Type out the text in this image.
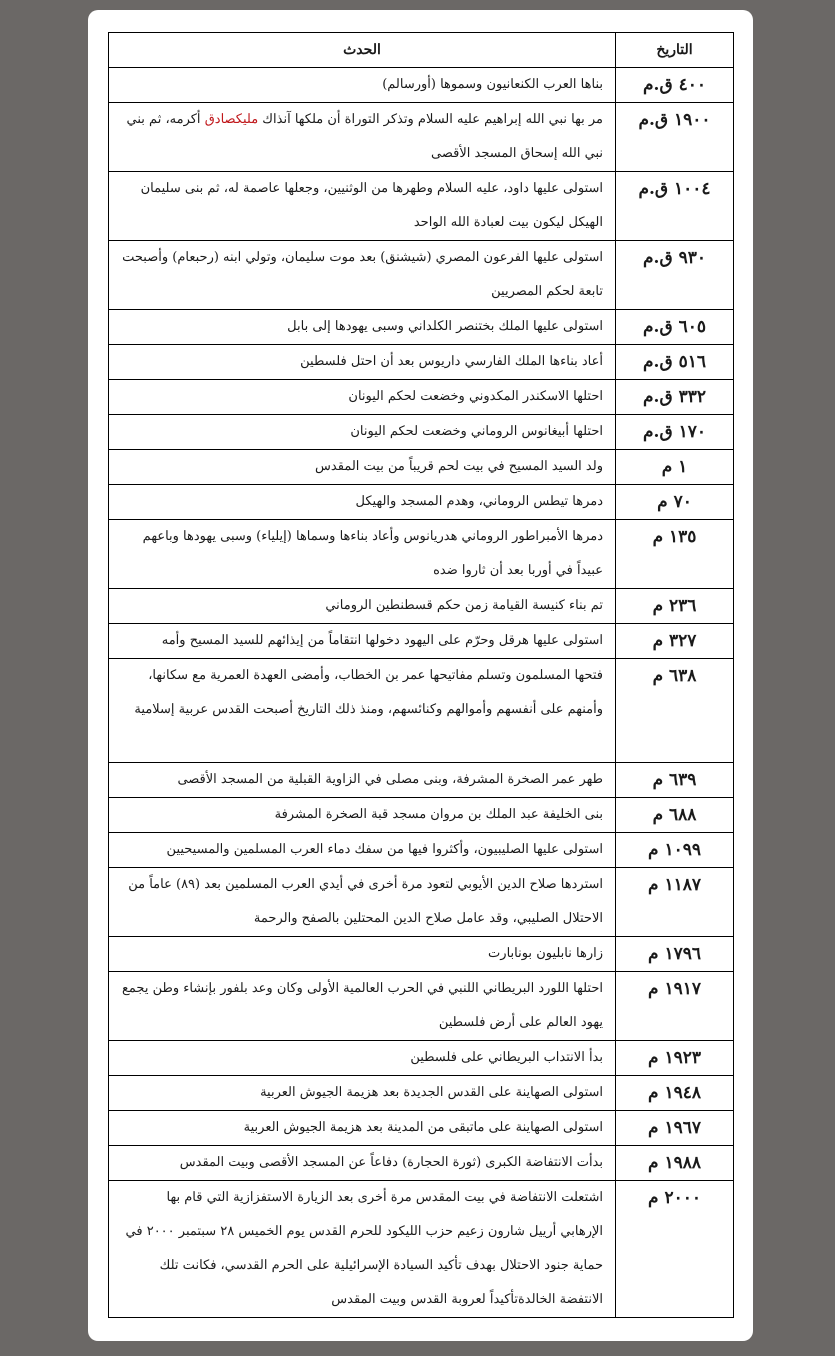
التاريخ	الحدث
٤٠٠ ق.م	بناها العرب الكنعانيون وسموها (أورسالم)
١٩٠٠ ق.م	مر بها نبي الله إبراهيم عليه السلام وتذكر التوراة أن ملكها آنذاك مليكصادق أكرمه، ثم بني نبي الله إسحاق المسجد الأقصى
١٠٠٤ ق.م	استولى عليها داود، عليه السلام وطهرها من الوثنيين، وجعلها عاصمة له، ثم بنى سليمان الهيكل ليكون بيت لعبادة الله الواحد
٩٣٠ ق.م	استولى عليها الفرعون المصري (شيشنق) بعد موت سليمان، وتولي ابنه (رحبعام) وأصبحت تابعة لحكم المصريين
٦٠٥ ق.م	استولى عليها الملك بختنصر الكلداني وسبى يهودها إلى بابل
٥١٦ ق.م	أعاد بناءها الملك الفارسي داريوس بعد أن احتل فلسطين
٣٣٢ ق.م	احتلها الاسكندر المكدوني وخضعت لحكم اليونان
١٧٠ ق.م	احتلها أبيغانوس الروماني وخضعت لحكم اليونان
١ م	ولد السيد المسيح في بيت لحم قريباً من بيت المقدس
٧٠ م	دمرها تيطس الروماني، وهدم المسجد والهيكل
١٣٥ م	دمرها الأمبراطور الروماني هدريانوس وأعاد بناءها وسماها (إيلياء) وسبى يهودها وباعهم عبيداً في أوربا بعد أن ثاروا ضده
٢٣٦ م	تم بناء كنيسة القيامة زمن حكم قسطنطين الروماني
٣٢٧ م	استولى عليها هرقل وحرّم على اليهود دخولها انتقاماً من إيذائهم للسيد المسيح وأمه
٦٣٨ م	فتحها المسلمون وتسلم مفاتيحها عمر بن الخطاب، وأمضى العهدة العمرية مع سكانها، وأمنهم على أنفسهم وأموالهم وكنائسهم، ومنذ ذلك التاريخ أصبحت القدس عربية إسلامية
٦٣٩ م	طهر عمر الصخرة المشرفة، وبنى مصلى في الزاوية القبلية من المسجد الأقصى
٦٨٨ م	بنى الخليفة عبد الملك بن مروان مسجد قبة الصخرة المشرفة
١٠٩٩ م	استولى عليها الصليبيون، وأكثروا فيها من سفك دماء العرب المسلمين والمسيحيين
١١٨٧ م	استردها صلاح الدين الأيوبي لتعود مرة أخرى في أيدي العرب المسلمين بعد (٨٩) عاماً من الاحتلال الصليبي، وقد عامل صلاح الدين المحتلين بالصفح والرحمة
١٧٩٦ م	زارها نابليون بونابارت
١٩١٧ م	احتلها اللورد البريطاني اللنبي في الحرب العالمية الأولى وكان وعد بلفور بإنشاء وطن يجمع يهود العالم على أرض فلسطين
١٩٢٣ م	بدأ الانتداب البريطاني على فلسطين
١٩٤٨ م	استولى الصهاينة على القدس الجديدة بعد هزيمة الجيوش العربية
١٩٦٧ م	استولى الصهاينة على ماتبقى من المدينة بعد هزيمة الجيوش العربية
١٩٨٨ م	بدأت الانتفاضة الكبرى (ثورة الحجارة) دفاعاً عن المسجد الأقصى وبيت المقدس
٢٠٠٠ م	اشتعلت الانتفاضة في بيت المقدس مرة أخرى بعد الزيارة الاستفزازية التي قام بها الإرهابي أرييل شارون زعيم حزب الليكود للحرم القدس يوم الخميس ٢٨ سبتمبر ٢٠٠٠ في حماية جنود الاحتلال بهدف تأكيد السيادة الإسرائيلية على الحرم القدسي، فكانت تلك الانتفضة الخالدةتأكيداً لعروبة القدس وبيت المقدس
